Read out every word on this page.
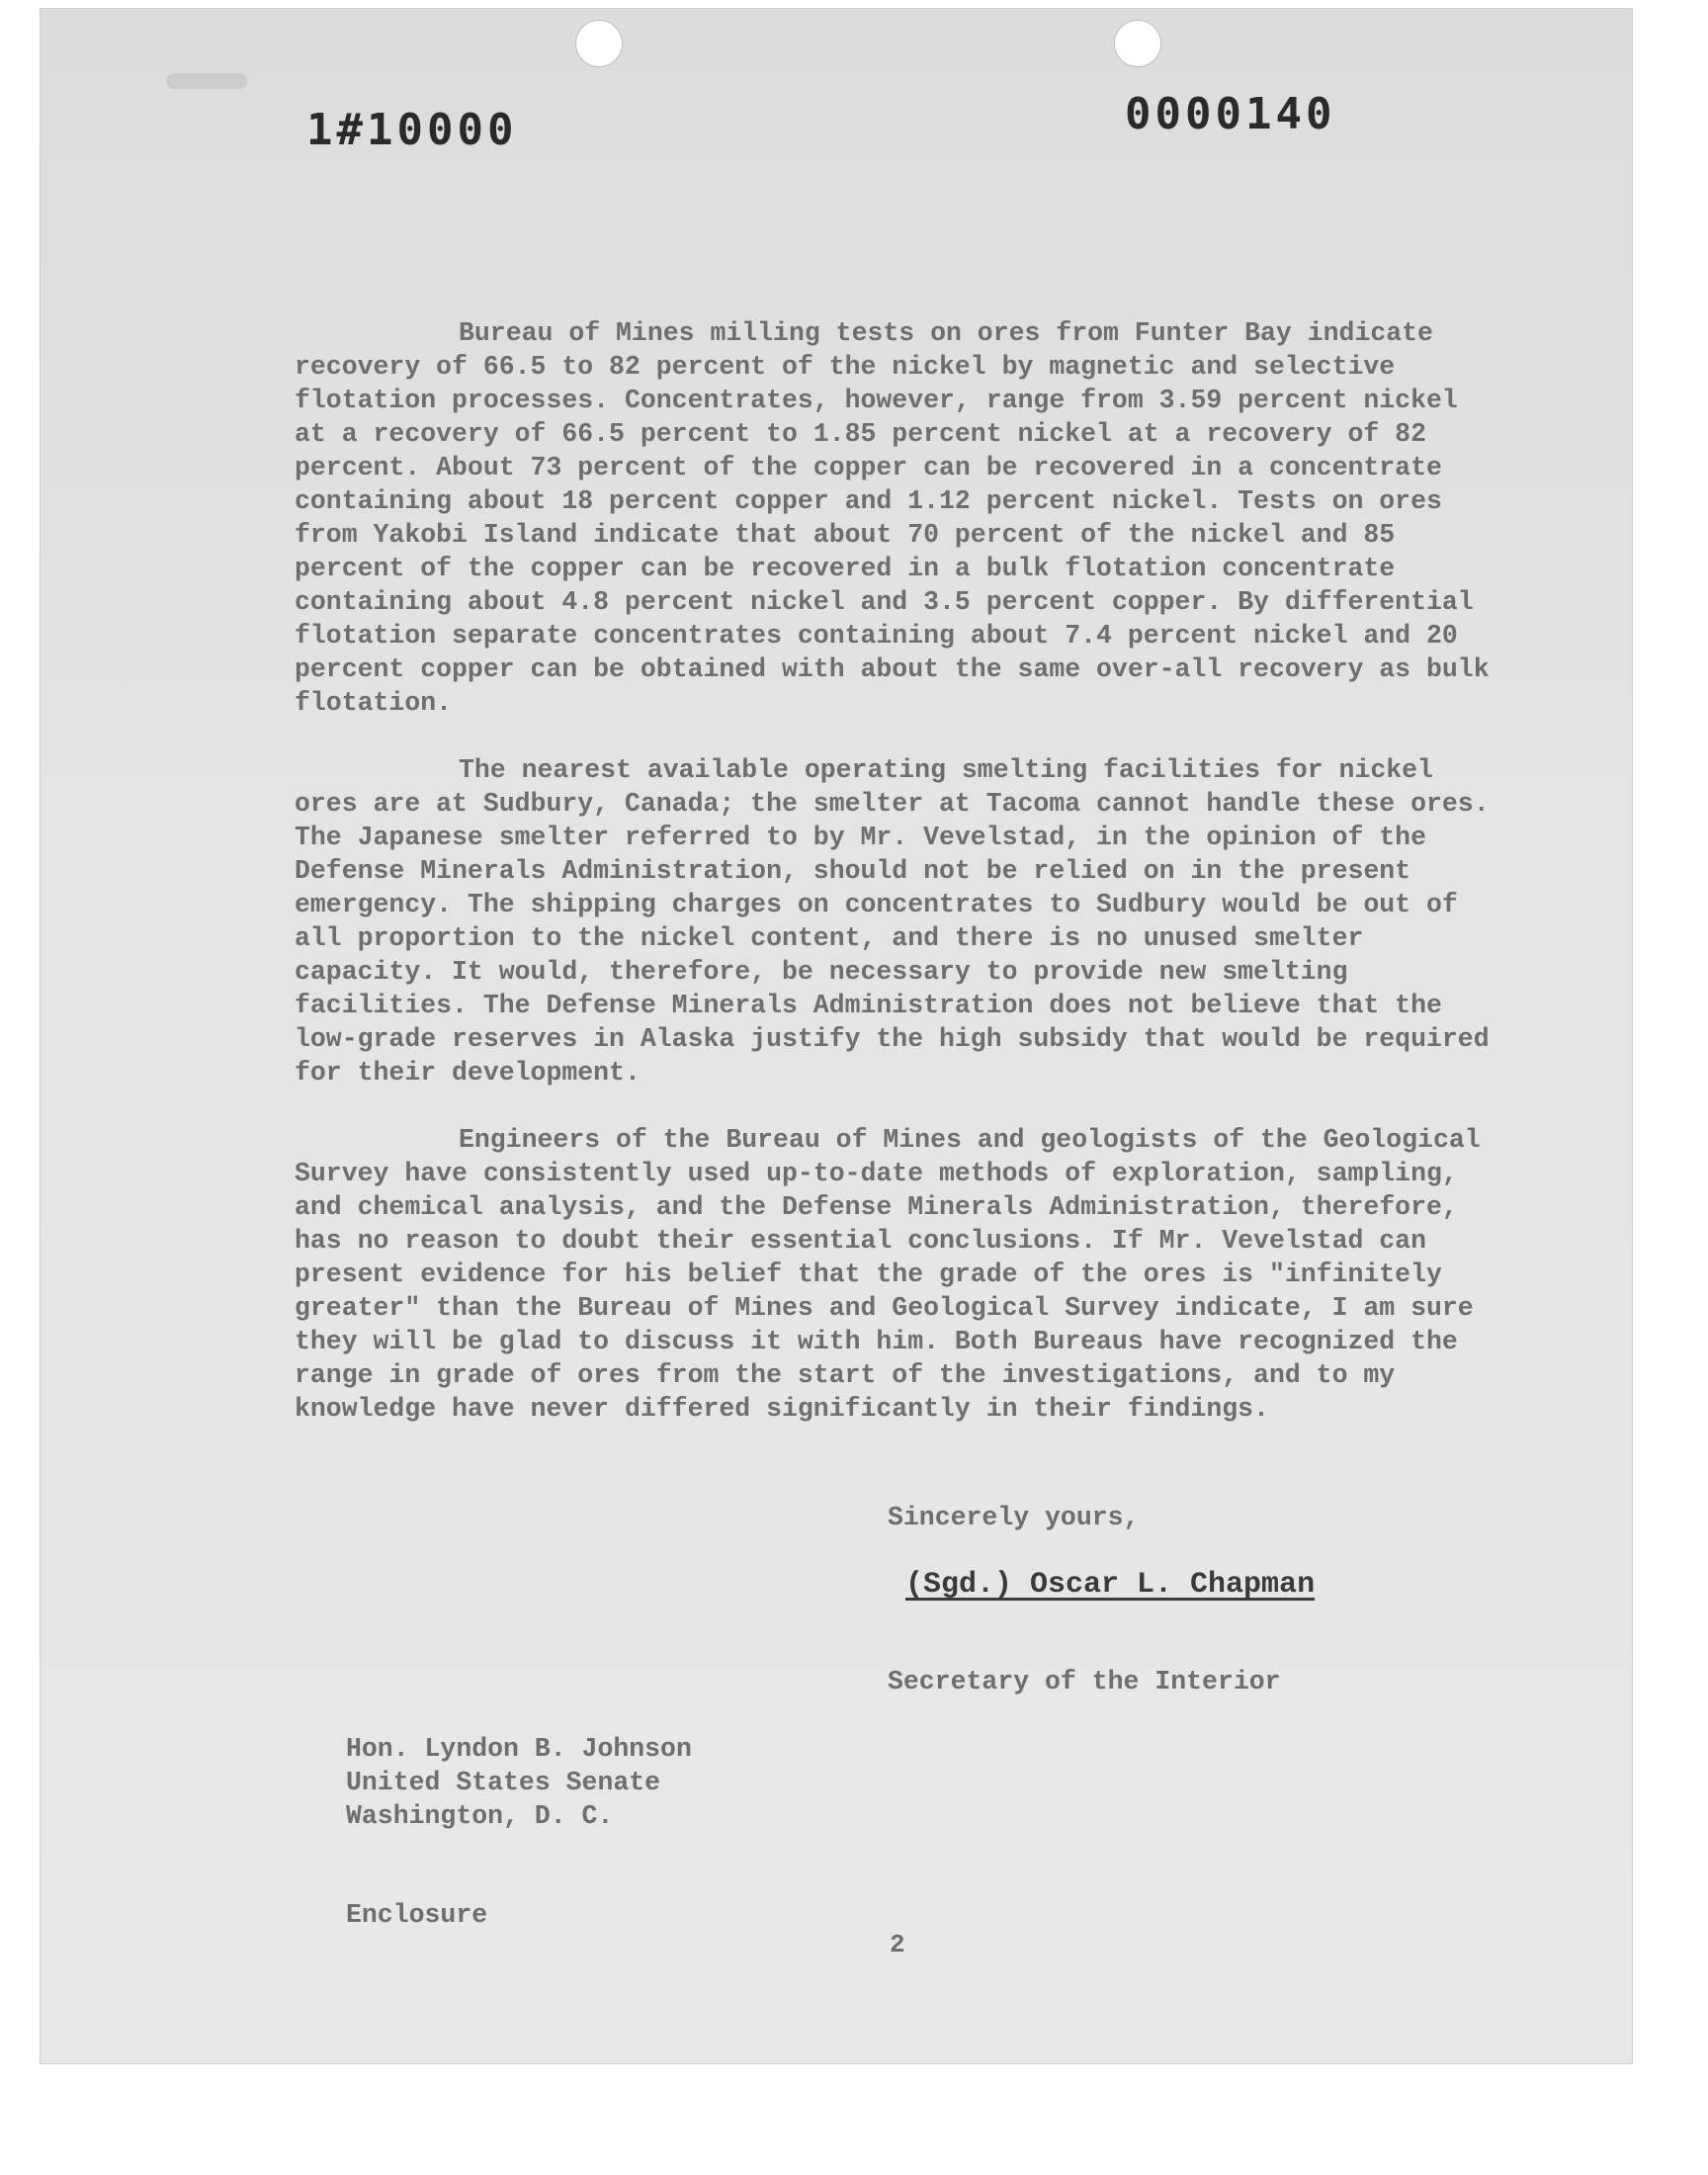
1#10000	0000140

Bureau of Mines milling tests on ores from Funter Bay indicate recovery of 66.5 to 82 percent of the nickel by magnetic and selective flotation processes. Concentrates, however, range from 3.59 percent nickel at a recovery of 66.5 percent to 1.85 percent nickel at a recovery of 82 percent. About 73 percent of the copper can be recovered in a concentrate containing about 18 percent copper and 1.12 percent nickel. Tests on ores from Yakobi Island indicate that about 70 percent of the nickel and 85 percent of the copper can be recovered in a bulk flotation concentrate containing about 4.8 percent nickel and 3.5 percent copper. By differential flotation separate concentrates containing about 7.4 percent nickel and 20 percent copper can be obtained with about the same over-all recovery as bulk flotation.

The nearest available operating smelting facilities for nickel ores are at Sudbury, Canada; the smelter at Tacoma cannot handle these ores. The Japanese smelter referred to by Mr. Vevelstad, in the opinion of the Defense Minerals Administration, should not be relied on in the present emergency. The shipping charges on concentrates to Sudbury would be out of all proportion to the nickel content, and there is no unused smelter capacity. It would, therefore, be necessary to provide new smelting facilities. The Defense Minerals Administration does not believe that the low-grade reserves in Alaska justify the high subsidy that would be required for their development.

Engineers of the Bureau of Mines and geologists of the Geological Survey have consistently used up-to-date methods of exploration, sampling, and chemical analysis, and the Defense Minerals Administration, therefore, has no reason to doubt their essential conclusions. If Mr. Vevelstad can present evidence for his belief that the grade of the ores is "infinitely greater" than the Bureau of Mines and Geological Survey indicate, I am sure they will be glad to discuss it with him. Both Bureaus have recognized the range in grade of ores from the start of the investigations, and to my knowledge have never differed significantly in their findings.

Sincerely yours,
(Sgd.) Oscar L. Chapman
Secretary of the Interior
Hon. Lyndon B. Johnson
United States Senate
Washington, D. C.
Enclosure
2
